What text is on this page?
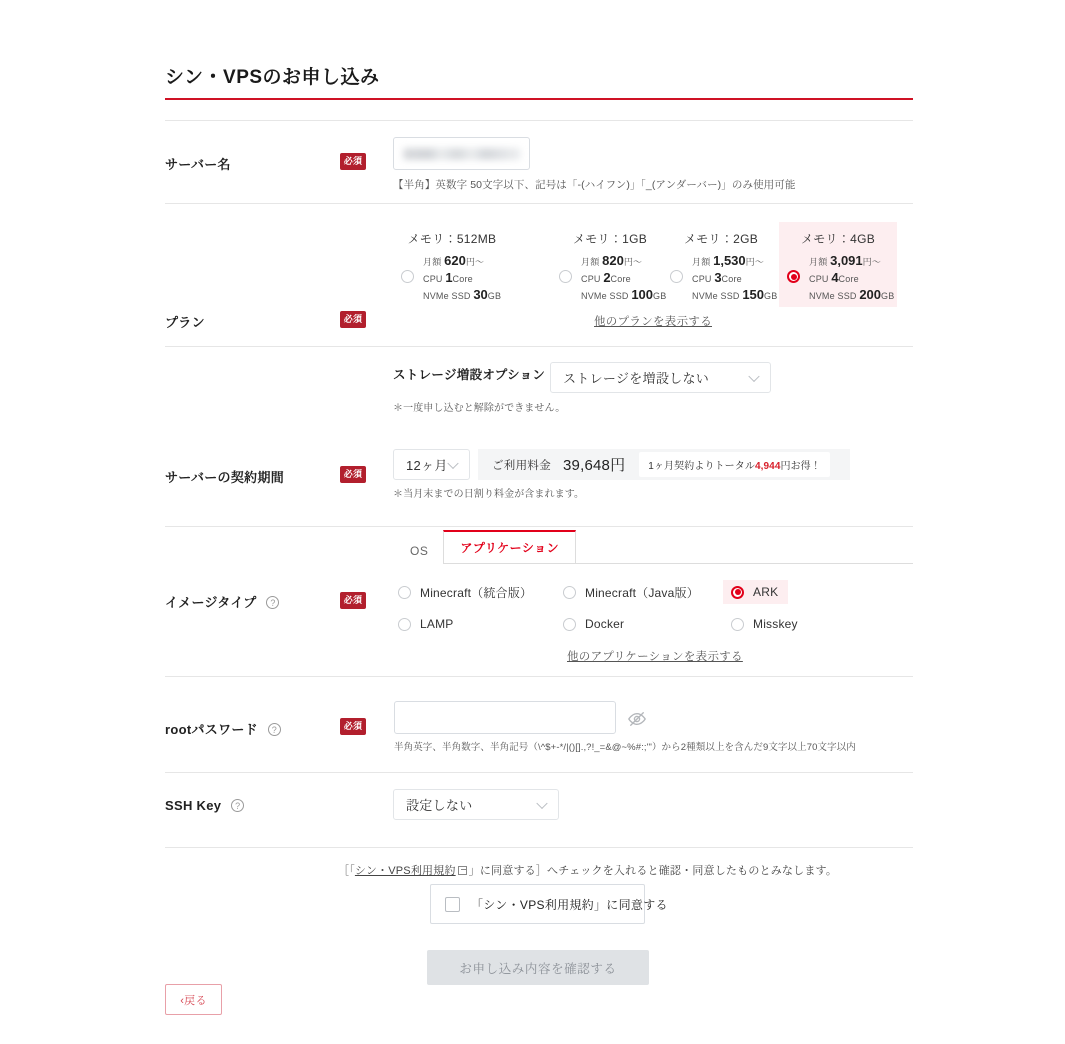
シン・VPSのお申し込み
サーバー名	必須
【半角】英数字 50文字以下、記号は「-(ハイフン)」「_(アンダーバー)」のみ使用可能
プラン	必須
メモリ：512MB
月額 620円～
CPU 1Core
NVMe SSD 30GB
メモリ：1GB
月額 820円～
CPU 2Core
NVMe SSD 100GB
メモリ：2GB
月額 1,530円～
CPU 3Core
NVMe SSD 150GB
メモリ：4GB
月額 3,091円～
CPU 4Core
NVMe SSD 200GB
他のプランを表示する
ストレージ増設オプション	ストレージを増設しない
＊一度申し込むと解除ができません。
サーバーの契約期間	必須
12ヶ月	ご利用料金 39,648円	1ヶ月契約よりトータル4,944円お得！
＊当月末までの日割り料金が含まれます。
イメージタイプ ?	必須
OS	アプリケーション
Minecraft（統合版）	Minecraft（Java版）	ARK
LAMP	Docker	Misskey
他のアプリケーションを表示する
rootパスワード ?	必須
半角英字、半角数字、半角記号（\^$+-*/|()[].,?!_=&@~%#:;'"）から2種類以上を含んだ9文字以上70文字以内
SSH Key ?	設定しない
［「シン・VPS利用規約 」に同意する］へチェックを入れると確認・同意したものとみなします。
「シン・VPS利用規約」に同意する
お申し込み内容を確認する
‹戻る
